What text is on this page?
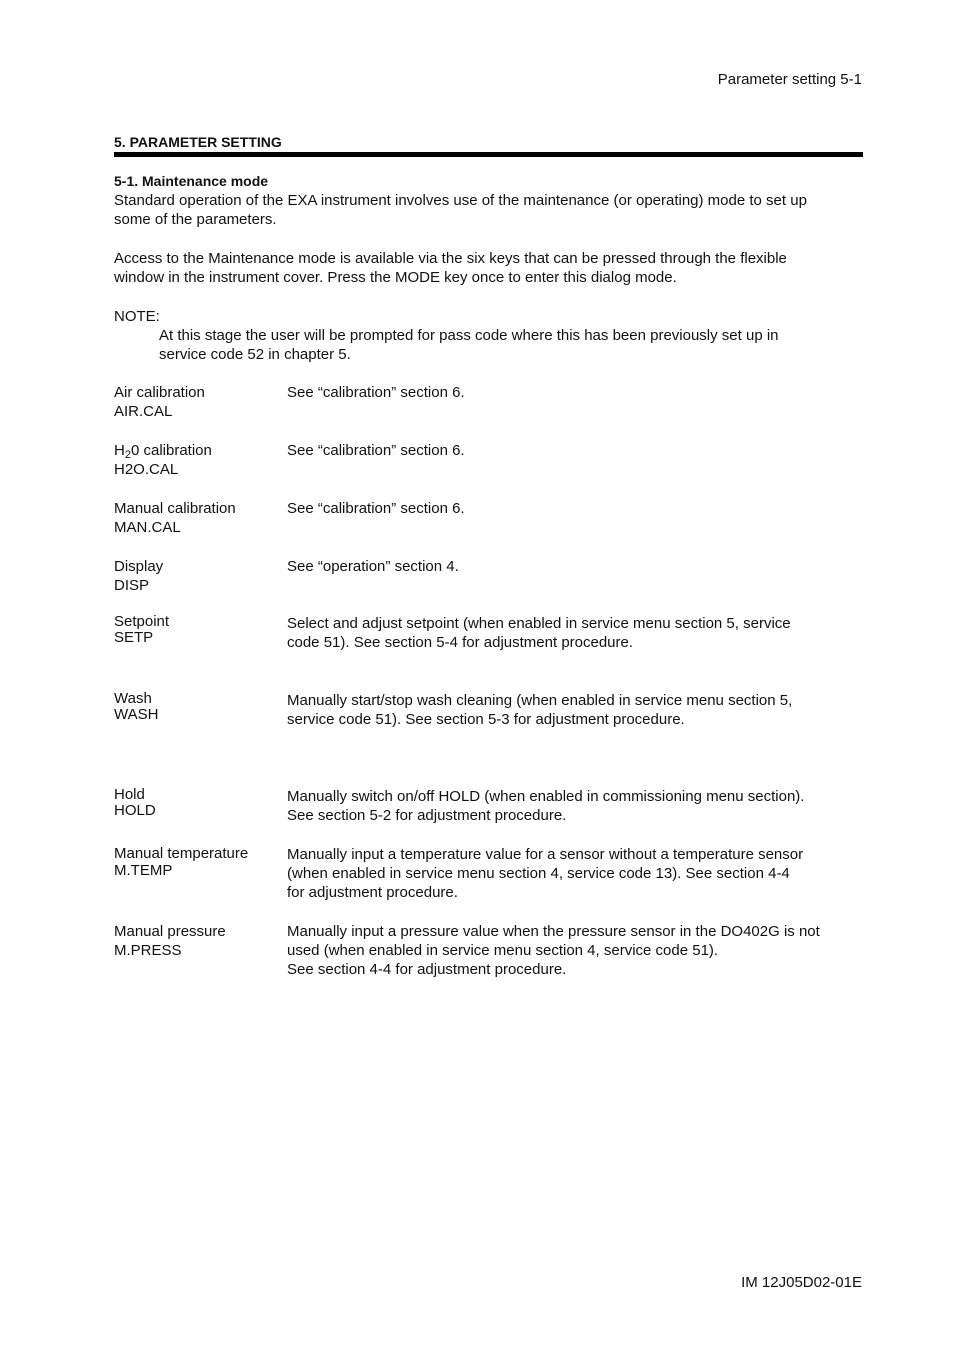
Parameter setting 5-1
5. PARAMETER SETTING
5-1. Maintenance mode
Standard operation of the EXA instrument involves use of the maintenance (or operating) mode to set up
some of the parameters.
Access to the Maintenance mode is available via the six keys that can be pressed through the flexible
window in the instrument cover. Press the MODE key once to enter this dialog mode.
NOTE:
At this stage the user will be prompted for pass code where this has been previously set up in
service code 52 in chapter 5.
Air calibration
AIR.CAL
See “calibration” section 6.
$H_20$ calibration
H2O.CAL
See “calibration” section 6.
Manual calibration
MAN.CAL
See “calibration” section 6.
Display
DISP
See “operation” section 4.
Setpoint
SETP
Select and adjust setpoint (when enabled in service menu section 5, service
code 51). See section 5-4 for adjustment procedure.
Wash
WASH
Manually start/stop wash cleaning (when enabled in service menu section 5,
service code 51). See section 5-3 for adjustment procedure.
Hold
HOLD
Manually switch on/off HOLD (when enabled in commissioning menu section).
See section 5-2 for adjustment procedure.
Manual temperature
M.TEMP
Manually input a temperature value for a sensor without a temperature sensor
(when enabled in service menu section 4, service code 13). See section 4-4
for adjustment procedure.
Manual pressure
M.PRESS
Manually input a pressure value when the pressure sensor in the DO402G is not
used (when enabled in service menu section 4, service code 51).
See section 4-4 for adjustment procedure.
IM 12J05D02-01E
